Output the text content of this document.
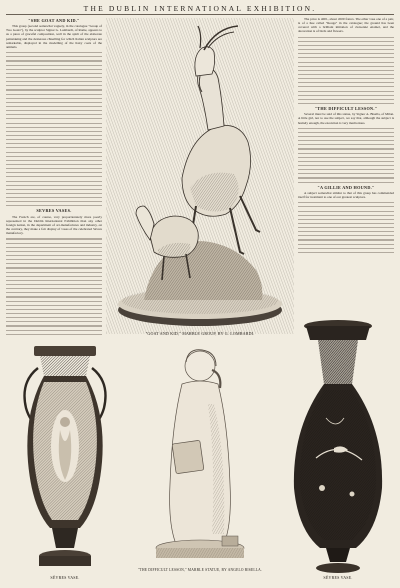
THE DUBLIN INTERNATIONAL EXHIBITION.
"SHE GOAT AND KID."

This group (second somewhat vaguely, in the catalogue "Group of Two Goats"), by the sculptor Signor G. Lombardi, of Rome, appears to us a piece of graceful composition, well in the spirit of the elaborate painstaking and the dexterous chiselling for which Italian sculptors are remarkable, displayed in the modelling of the hairy coats of the animals.

SEVRES VASES.

The French are, of course, very proportionately more poorly represented in the Dublin International Exhibition than any other foreign nation, in the department of art-manufactures and industry, on the contrary, they make a fair display of vases of the celebrated Sèvres manufactory.

The price is 400l., about 4500 francs. The other vase one of a pair, is of a hue called "Rouge" in the catalogue; the ground has been covered with a brilliant imitation of cloisonné enamel, and the decoration is of birds and flowers.

"THE DIFFICULT LESSON."

Several must be said of this statue, by Signor A. Bisella, of Milan. A little girl, not to use the subject, we say that, although the subject is homely enough, the execution is very meritorious.

"A GILLIE AND HOUND."

A subject somewhat similar to that of this group has commended itself for treatment to one of our greatest sculptors.

"GOAT AND KID," MARBLE GROUP, BY G. LOMBARDI.
SÈVRES VASE.
"THE DIFFICULT LESSON," MARBLE STATUE, BY ANGELO BISELLA.
SÈVRES VASE.
